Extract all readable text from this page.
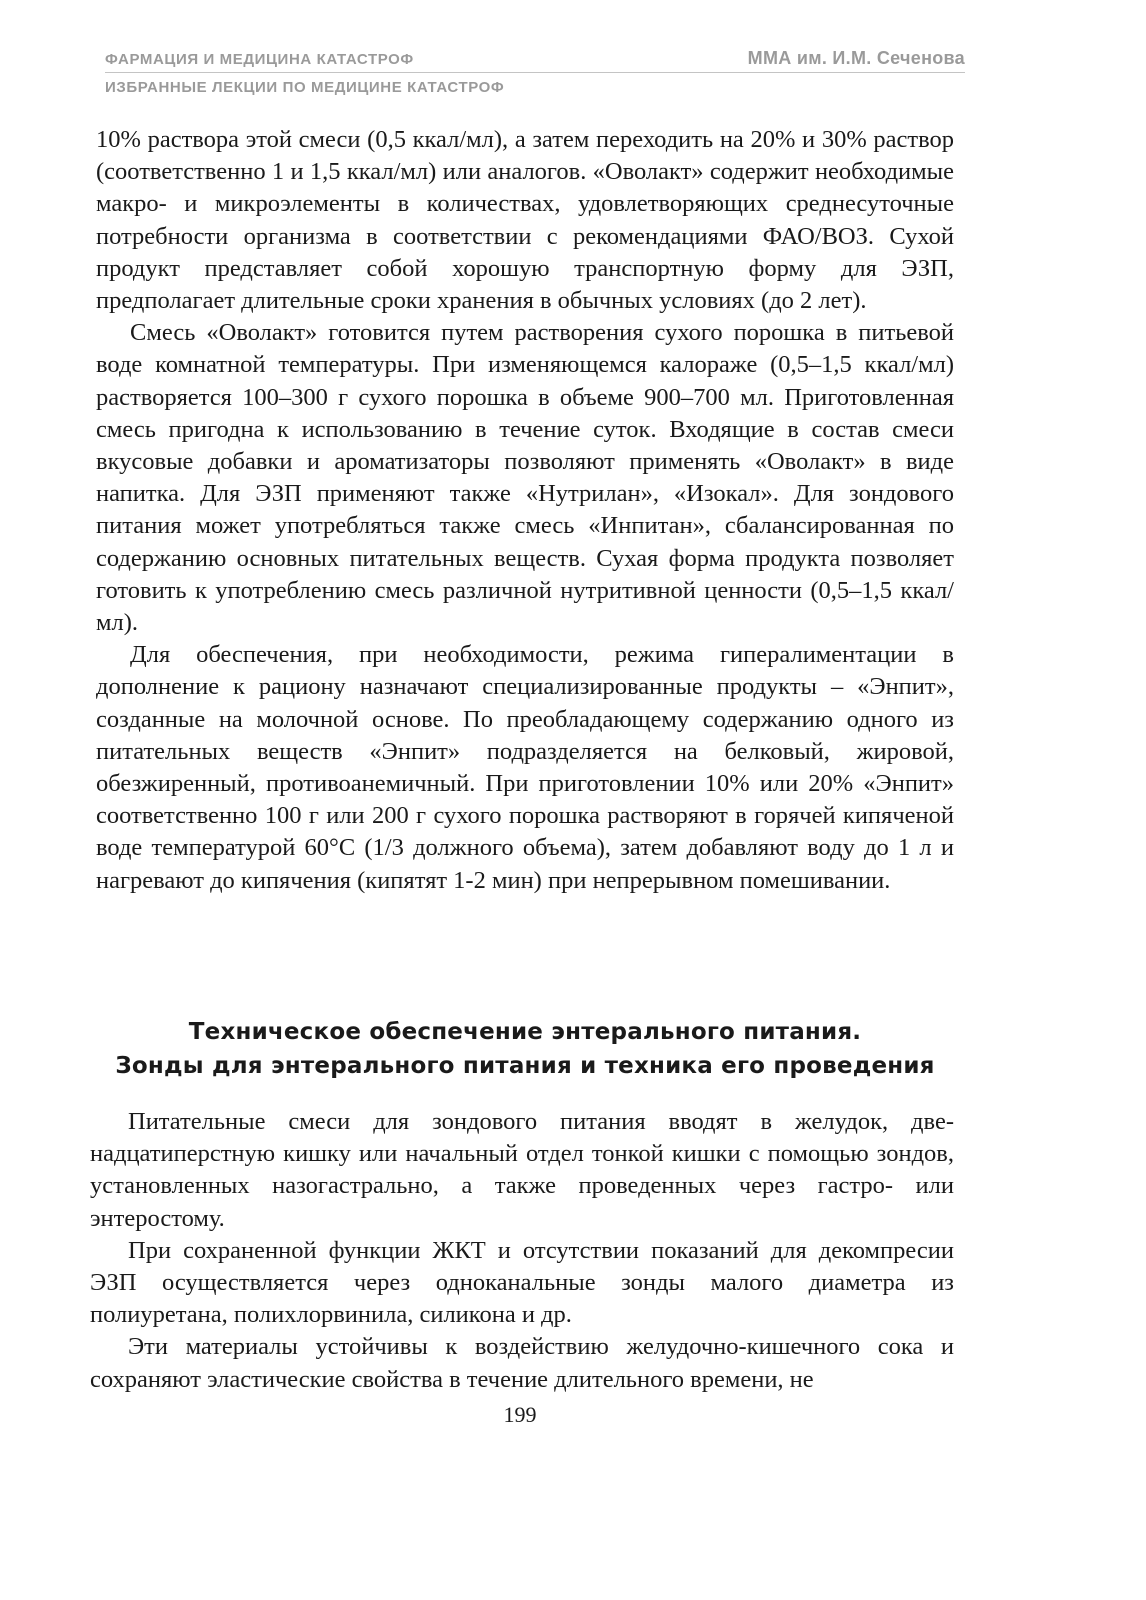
ФАРМАЦИЯ И МЕДИЦИНА КАТАСТРОФ	ММА им. И.М. Сеченова
ИЗБРАННЫЕ ЛЕКЦИИ ПО МЕДИЦИНЕ КАТАСТРОФ

10% раствора этой смеси (0,5 ккал/мл), а затем переходить на 20% и 30% раствор (соответственно 1 и 1,5 ккал/мл) или аналогов. «Оволакт» содержит необходимые макро- и микроэлементы в количествах, удовлетворяющих среднесуточные потребности организма в соответствии с рекомендациями ФАО/ВОЗ. Сухой продукт представляет собой хорошую транспортную форму для ЭЗП, предполагает длительные сроки хранения в обычных условиях (до 2 лет).

Смесь «Оволакт» готовится путем растворения сухого порошка в питьевой воде комнатной температуры. При изменяющемся калораже (0,5–1,5 ккал/мл) растворяется 100–300 г сухого порошка в объеме 900–700 мл. Приготовленная смесь пригодна к использованию в течение суток. Входящие в состав смеси вкусовые добавки и ароматизаторы позволяют применять «Оволакт» в виде напитка. Для ЭЗП применяют также «Нутрилан», «Изокал». Для зондового питания может употребляться также смесь «Инпитан», сбалансированная по содержанию основных питательных веществ. Сухая форма продукта позволяет готовить к употреблению смесь различной нутритивной ценности (0,5–1,5 ккал/мл).

Для обеспечения, при необходимости, режима гипералиментации в дополнение к рациону назначают специализированные продукты – «Энпит», созданные на молочной основе. По преобладающему содержанию одного из питательных веществ «Энпит» подразделяется на белковый, жировой, обезжиренный, противоанемичный. При приготовлении 10% или 20% «Энпит» соответственно 100 г или 200 г сухого порошка растворяют в горячей кипяченой воде температурой 60°C (1/3 должного объема), затем добавляют воду до 1 л и нагревают до кипячения (кипятят 1-2 мин) при непрерывном помешивании.

Техническое обеспечение энтерального питания.
Зонды для энтерального питания и техника его проведения

Питательные смеси для зондового питания вводят в желудок, двенадцатиперстную кишку или начальный отдел тонкой кишки с помощью зондов, установленных назогастрально, а также проведенных через гастро- или энтеростому.

При сохраненной функции ЖКТ и отсутствии показаний для декомпресии ЭЗП осуществляется через одноканальные зонды малого диаметра из полиуретана, полихлорвинила, силикона и др.

Эти материалы устойчивы к воздействию желудочно-кишечного сока и сохраняют эластические свойства в течение длительного времени, не

199
